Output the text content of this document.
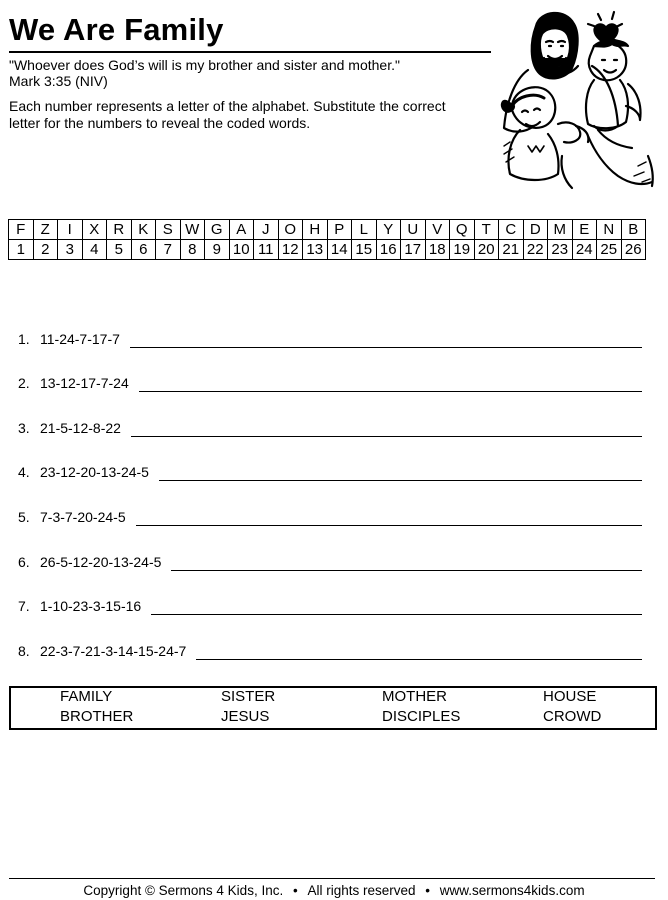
We Are Family
"Whoever does God’s will is my brother and sister and mother."
Mark 3:35 (NIV)
Each number represents a letter of the alphabet. Substitute the correct letter for the numbers to reveal the coded words.
F	Z	I	X	R	K	S	W	G	A	J	O	H	P	L	Y	U	V	Q	T	C	D	M	E	N	B
1	2	3	4	5	6	7	8	9	10	11	12	13	14	15	16	17	18	19	20	21	22	23	24	25	26
1. 11-24-7-17-7
2. 13-12-17-7-24
3. 21-5-12-8-22
4. 23-12-20-13-24-5
5. 7-3-7-20-24-5
6. 26-5-12-20-13-24-5
7. 1-10-23-3-15-16
8. 22-3-7-21-3-14-15-24-7
FAMILY	SISTER	MOTHER	HOUSE
BROTHER	JESUS	DISCIPLES	CROWD
Copyright © Sermons 4 Kids, Inc. • All rights reserved • www.sermons4kids.com
